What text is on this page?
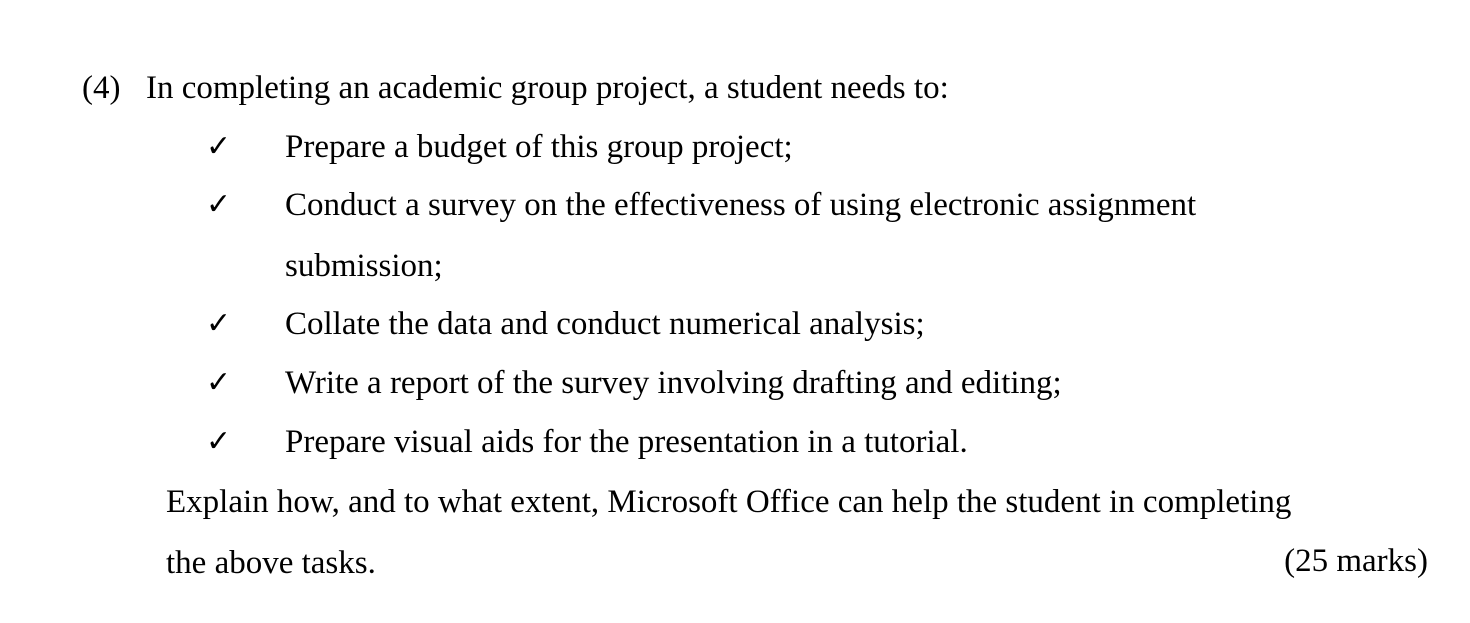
(4) In completing an academic group project, a student needs to:
✓ Prepare a budget of this group project;
✓ Conduct a survey on the effectiveness of using electronic assignment
submission;
✓ Collate the data and conduct numerical analysis;
✓ Write a report of the survey involving drafting and editing;
✓ Prepare visual aids for the presentation in a tutorial.
Explain how, and to what extent, Microsoft Office can help the student in completing
the above tasks.	(25 marks)
